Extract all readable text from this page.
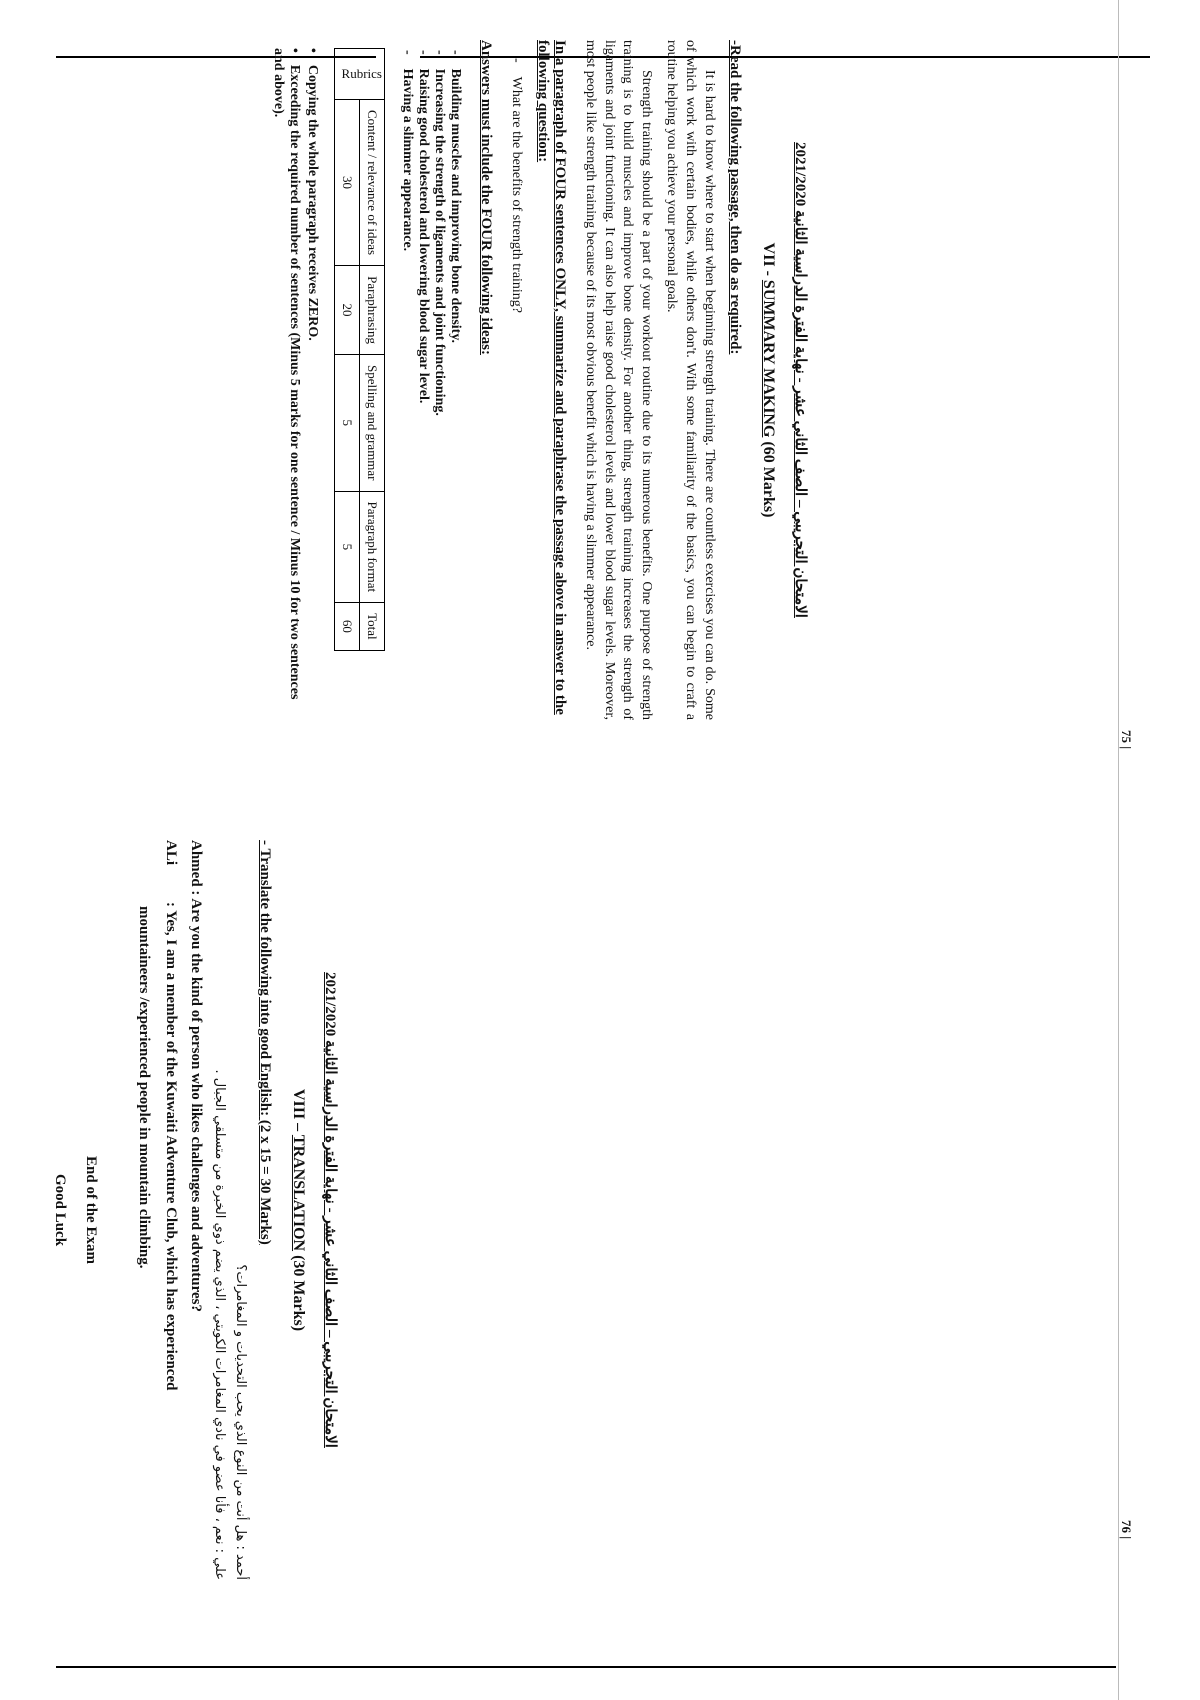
الامتحان التجريبي – الصف الثاني عشر - نهاية الفترة الدراسية الثانية 2021/2020
VII - SUMMARY MAKING (60 Marks)
-Read the following passage, then do as required:

It is hard to know where to start when beginning strength training. There are countless exercises you can do. Some of which work with certain bodies, while others don't. With some familiarity of the basics, you can begin to craft a routine helping you achieve your personal goals.

Strength training should be a part of your workout routine due to its numerous benefits. One purpose of strength training is to build muscles and improve bone density. For another thing, strength training increases the strength of ligaments and joint functioning. It can also help raise good cholesterol levels and lower blood sugar levels. Moreover, most people like strength training because of its most obvious benefit which is having a slimmer appearance.

In a paragraph of FOUR sentences ONLY, summarize and paraphrase the passage above in answer to the following question:
- What are the benefits of strength training?
Answers must include the FOUR following ideas:
- Building muscles and improving bone density.
- Increasing the strength of ligaments and joint functioning.
- Raising good cholesterol and lowering blood sugar level.
- Having a slimmer appearance.
Rubrics	Content / relevance of ideas	Paraphrasing	Spelling and grammar	Paragraph format	Total
	30	20	5	5	60
• Copying the whole paragraph receives ZERO.
• Exceeding the required number of sentences (Minus 5 marks for one sentence / Minus 10 for two sentences and above).
الامتحان التجريبي – الصف الثاني عشر - نهاية الفترة الدراسية الثانية 2021/2020
VIII – TRANSLATION (30 Marks)
- Translate the following into good English: (2 x 15 = 30 Marks)

أحمد : هل أنت من النوع الذي يحب التحديات و المغامرات؟

علي : نعم ، فأنا عضو في نادي المغامرات الكويتي ، الذي يضم ذوي الخبرة من متسلقي الجبال .

Ahmed : Are you the kind of person who likes challenges and adventures?
ALi: Yes, I am a member of the Kuwaiti Adventure Club, which has experienced
mountaineers /experienced people in mountain climbing.
End of the Exam
Good Luck
75 |
76 |
